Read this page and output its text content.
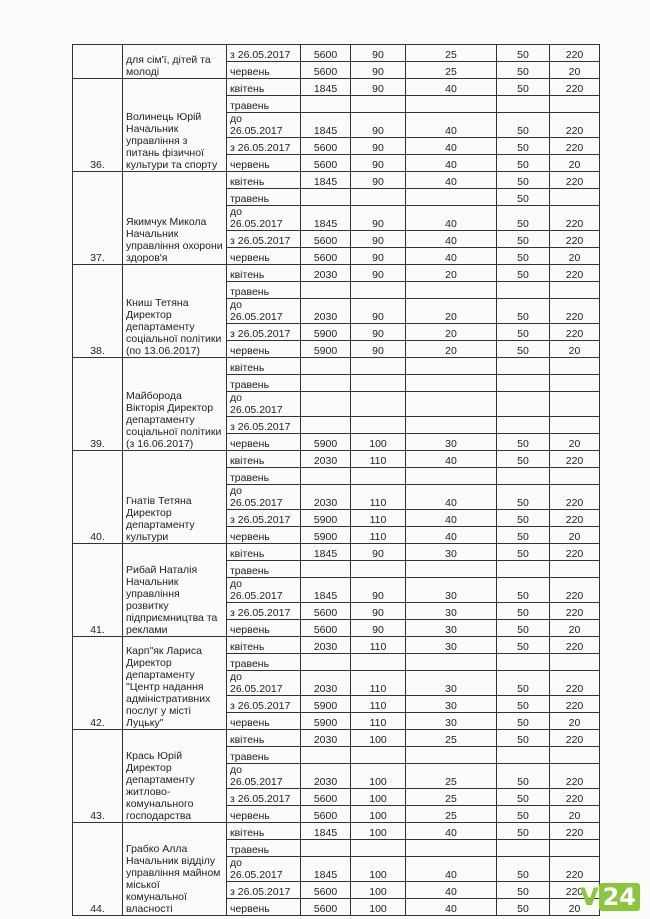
	для сім'ї, дітей та молоді	з 26.05.2017	5600	90	25	50	220
		червень	5600	90	25	50	20
36.	Волинець Юрій Начальник управління з питань фізичної культури та спорту	квітень	1845	90	40	50	220
		травень					
		до 26.05.2017	1845	90	40	50	220
		з 26.05.2017	5600	90	40	50	220
		червень	5600	90	40	50	20
37.	Якимчук Микола Начальник управління охорони здоров'я	квітень	1845	90	40	50	220
		травень				50	
		до 26.05.2017	1845	90	40	50	220
		з 26.05.2017	5600	90	40	50	220
		червень	5600	90	40	50	20
38.	Книш Тетяна Директор департаменту соціальної політики (по 13.06.2017)	квітень	2030	90	20	50	220
		травень					
		до 26.05.2017	2030	90	20	50	220
		з 26.05.2017	5900	90	20	50	220
		червень	5900	90	20	50	20
39.	Майборода Вікторія Директор департаменту соціальної політики (з 16.06.2017)	квітень					
		травень					
		до 26.05.2017					
		з 26.05.2017					
		червень	5900	100	30	50	20
40.	Гнатів Тетяна Директор департаменту культури	квітень	2030	110	40	50	220
		травень					
		до 26.05.2017	2030	110	40	50	220
		з 26.05.2017	5900	110	40	50	220
		червень	5900	110	40	50	20
41.	Рибай Наталія Начальник управління розвитку підприємництва та реклами	квітень	1845	90	30	50	220
		травень					
		до 26.05.2017	1845	90	30	50	220
		з 26.05.2017	5600	90	30	50	220
		червень	5600	90	30	50	20
42.	Карп"як Лариса Директор департаменту "Центр надання адміністративних послуг у місті Луцьку"	квітень	2030	110	30	50	220
		травень					
		до 26.05.2017	2030	110	30	50	220
		з 26.05.2017	5900	110	30	50	220
		червень	5900	110	30	50	20
43.	Крась Юрій Директор департаменту житлово-комунального господарства	квітень	2030	100	25	50	220
		травень					
		до 26.05.2017	2030	100	25	50	220
		з 26.05.2017	5600	100	25	50	220
		червень	5600	100	25	50	20
44.	Грабко Алла Начальник відділу управління майном міської комунальної власності	квітень	1845	100	40	50	220
		травень					
		до 26.05.2017	1845	100	40	50	220
		з 26.05.2017	5600	100	40	50	220
		червень	5600	100	40	50	20 V 24
